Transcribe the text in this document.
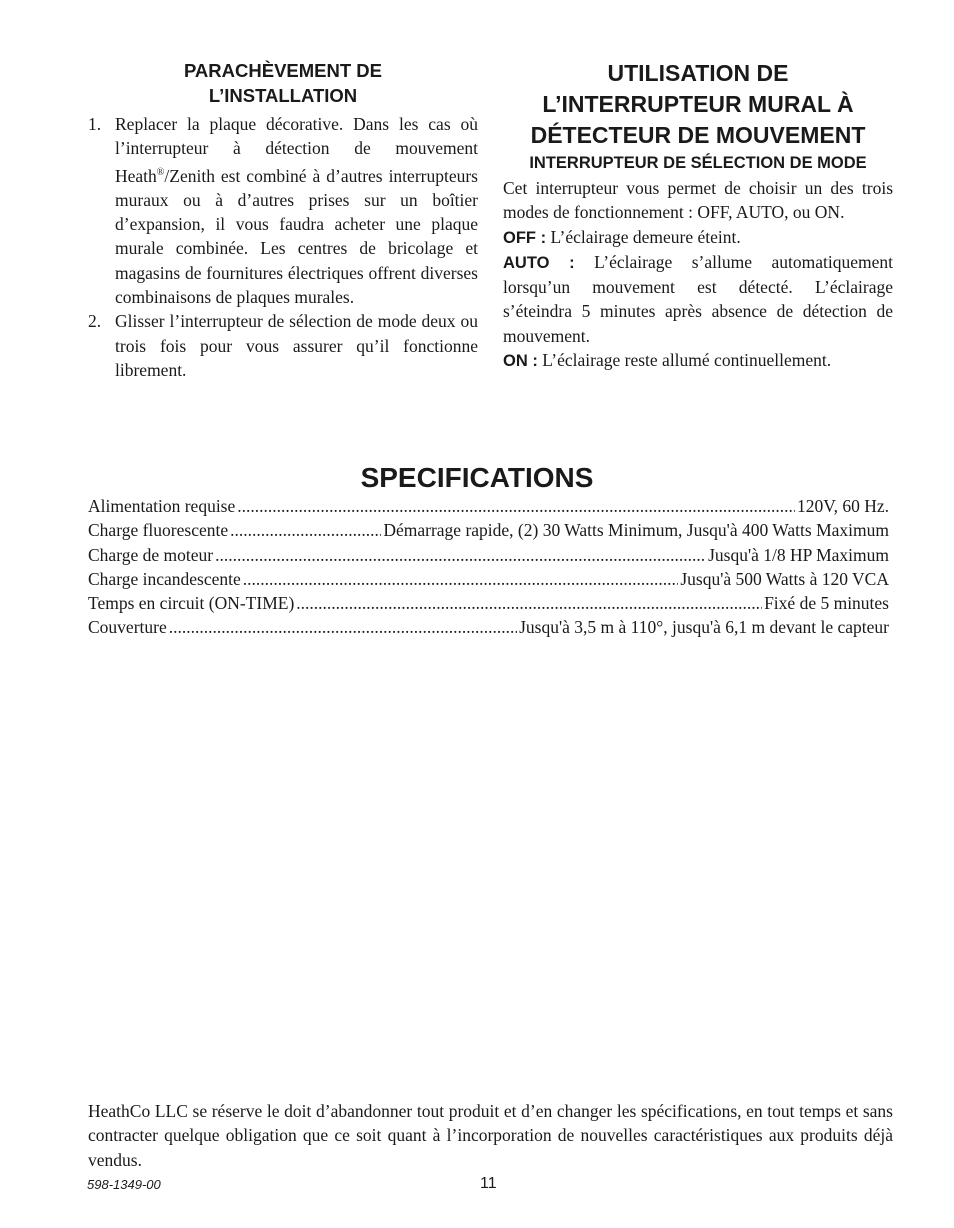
PARACHÈVEMENT DE
L’INSTALLATION
1. Replacer la plaque décorative. Dans les cas où l’interrupteur à détection de mouvement Heath®/Zenith est combiné à d’autres interrupteurs muraux ou à d’autres prises sur un boîtier d’expansion, il vous faudra acheter une plaque murale combinée. Les centres de bricolage et magasins de fournitures électriques offrent diverses combinaisons de plaques murales.
2. Glisser l’interrupteur de sélection de mode deux ou trois fois pour vous assurer qu’il fonctionne librement.
UTILISATION DE
L’INTERRUPTEUR MURAL À
DÉTECTEUR DE MOUVEMENT
INTERRUPTEUR DE SÉLECTION DE MODE

Cet interrupteur vous permet de choisir un des trois modes de fonctionnement : OFF, AUTO, ou ON.

OFF : L’éclairage demeure éteint.

AUTO : L’éclairage s’allume automatiquement lorsqu’un mouvement est détecté. L’éclairage s’éteindra 5 minutes après absence de détection de mouvement.

ON : L’éclairage reste allumé continuellement.

SPECIFICATIONS
Alimentation requise .....	120V, 60 Hz.
Charge fluorescente .....	Démarrage rapide, (2) 30 Watts Minimum, Jusqu'à 400 Watts Maximum
Charge de moteur .....	Jusqu'à 1/8 HP Maximum
Charge incandescente .....	Jusqu'à 500 Watts à 120 VCA
Temps en circuit (ON-TIME) .....	Fixé de 5 minutes
Couverture .....	Jusqu'à 3,5 m à 110°, jusqu'à 6,1 m devant le capteur

HeathCo LLC se réserve le doit d’abandonner tout produit et d’en changer les spécifications, en tout temps et sans contracter quelque obligation que ce soit quant à l’incorporation de nouvelles caractéristiques aux produits déjà vendus.

598-1349-00	11
